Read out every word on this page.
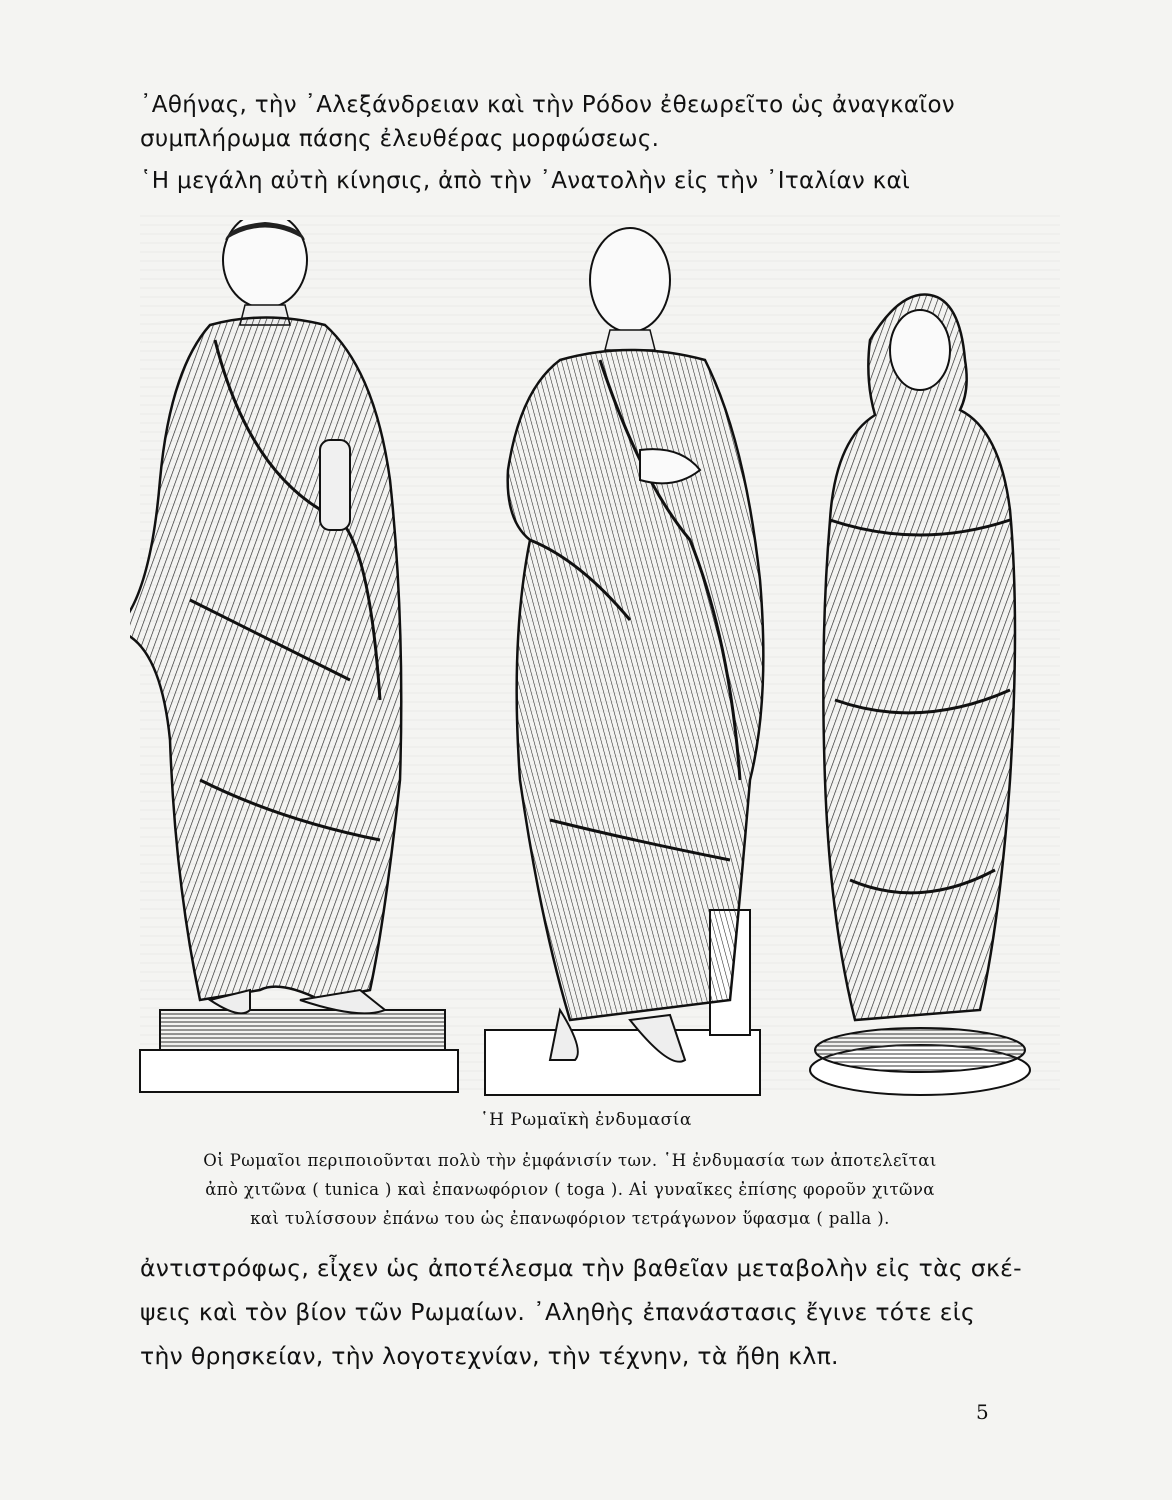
᾿Αθήνας, τὴν ᾿Αλεξάνδρειαν καὶ τὴν Ρόδον ἐθεωρεῖτο ὡς ἀναγκαῖον
συμπλήρωμα πάσης ἐλευθέρας μορφώσεως.
῾Η μεγάλη αὐτὴ κίνησις, ἀπὸ τὴν ᾿Ανατολὴν εἰς τὴν ᾿Ιταλίαν καὶ
῾Η Ρωμαϊκὴ ἐνδυμασία
Οἱ Ρωμαῖοι περιποιοῦνται πολὺ τὴν ἐμφάνισίν των. ῾Η ἐνδυμασία των ἀποτελεῖται
ἀπὸ χιτῶνα ( tunica ) καὶ ἐπανωφόριον ( toga ). Αἱ γυναῖκες ἐπίσης φοροῦν χιτῶνα
καὶ τυλίσσουν ἐπάνω του ὡς ἐπανωφόριον τετράγωνον ὕφασμα ( palla ).
ἀντιστρόφως, εἶχεν ὡς ἀποτέλεσμα τὴν βαθεῖαν μεταβολὴν εἰς τὰς σκέ-
ψεις καὶ τὸν βίον τῶν Ρωμαίων. ᾿Αληθὴς ἐπανάστασις ἔγινε τότε εἰς
τὴν θρησκείαν, τὴν λογοτεχνίαν, τὴν τέχνην, τὰ ἤθη κλπ.
5
